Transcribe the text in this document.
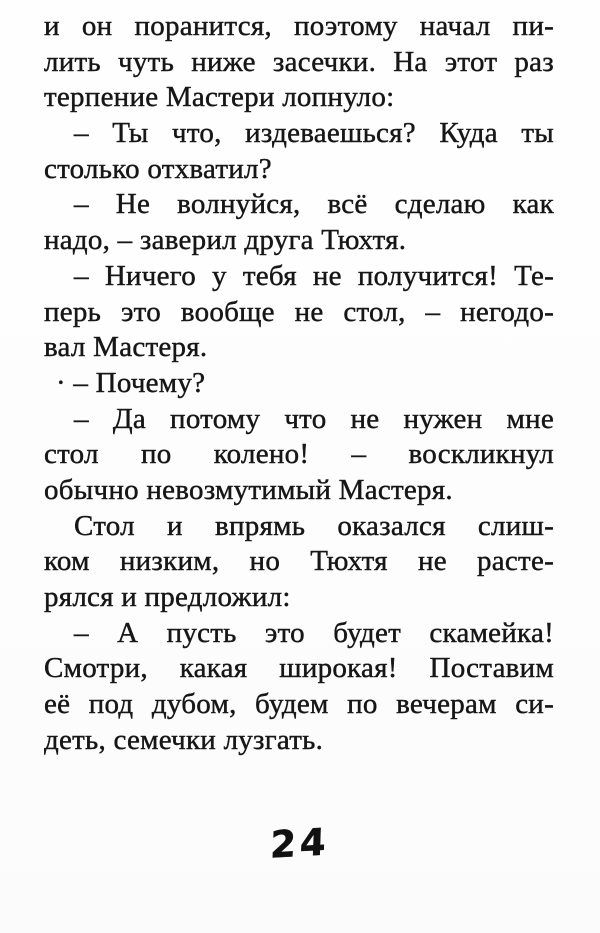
и он поранится, поэтому начал пи-
лить чуть ниже засечки. На этот раз
терпение Мастери лопнуло:
– Ты что, издеваешься? Куда ты
столько отхватил?
– Не волнуйся, всё сделаю как
надо, – заверил друга Тюхтя.
– Ничего у тебя не получится! Те-
перь это вообще не стол, – негодо-
вал Мастеря.
· – Почему?
– Да потому что не нужен мне
стол по колено! – воскликнул
обычно невозмутимый Мастеря.
Стол и впрямь оказался слиш-
ком низким, но Тюхтя не расте-
рялся и предложил:
– А пусть это будет скамейка!
Смотри, какая широкая! Поставим
её под дубом, будем по вечерам си-
деть, семечки лузгать.
24
